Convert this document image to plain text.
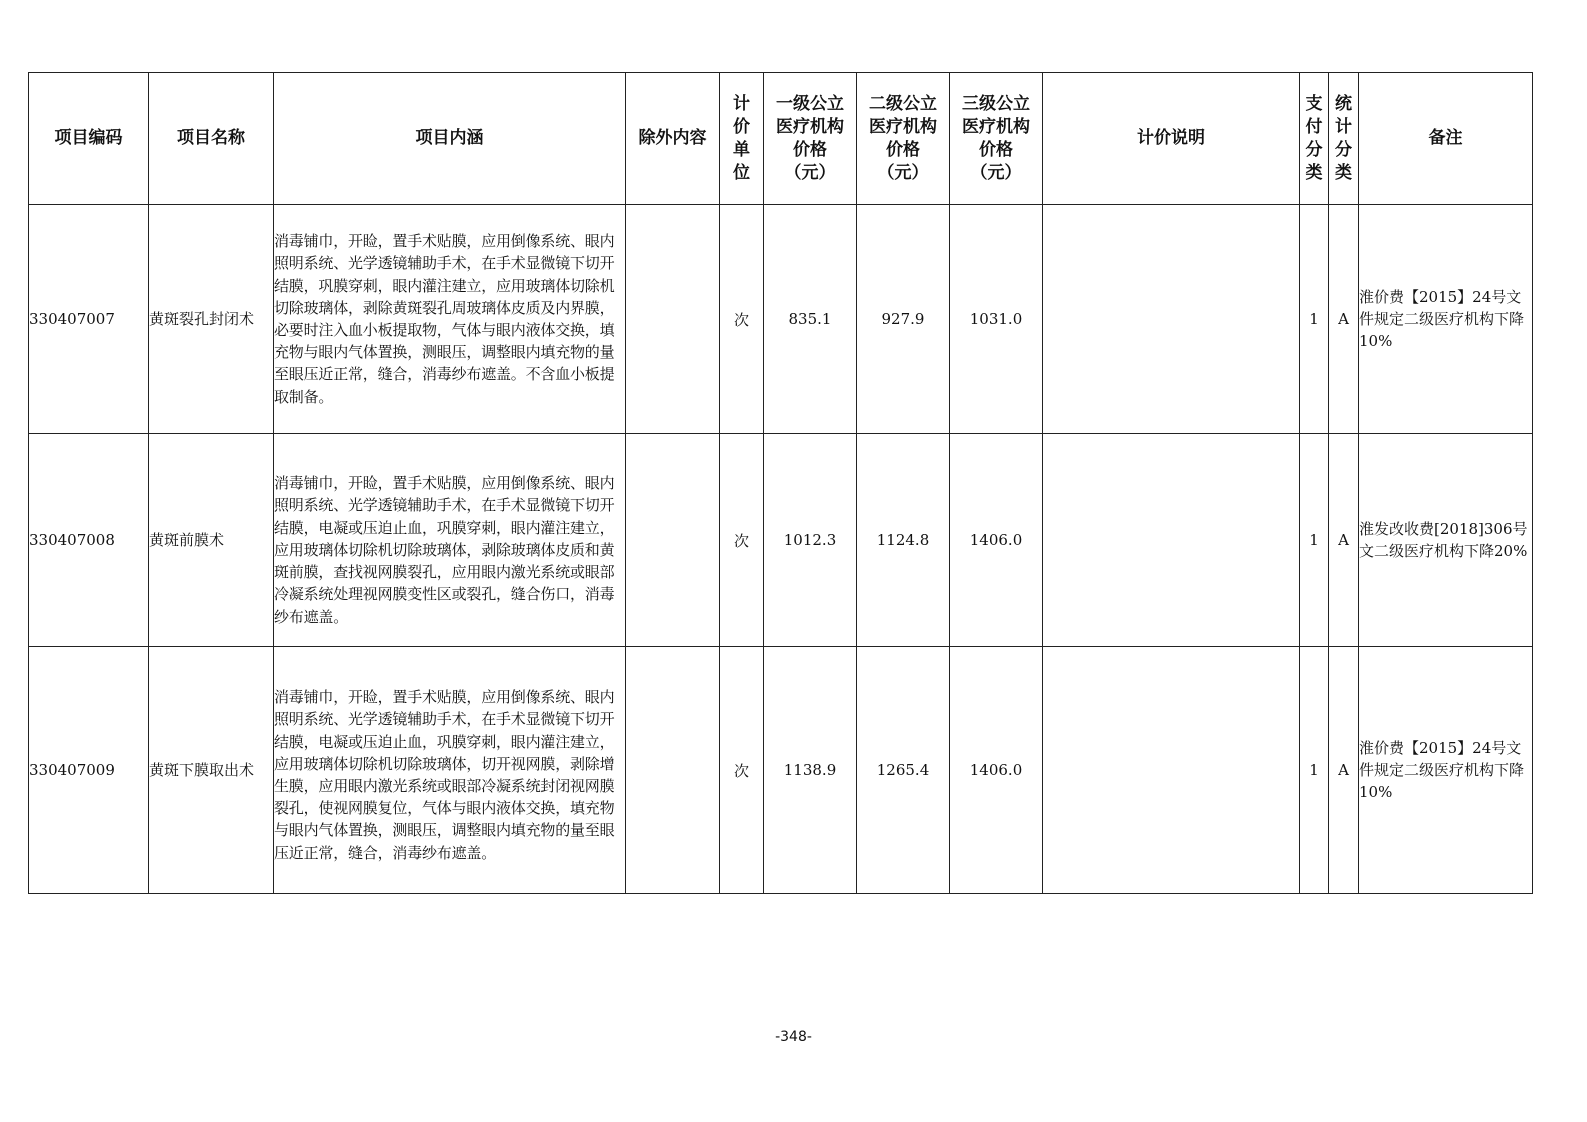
项目编码	项目名称	项目内涵	除外内容	计价单位	一级公立医疗机构价格（元）	二级公立医疗机构价格（元）	三级公立医疗机构价格（元）	计价说明	支付分类	统计分类	备注
330407007	黄斑裂孔封闭术	消毒铺巾，开睑，置手术贴膜，应用倒像系统、眼内照明系统、光学透镜辅助手术，在手术显微镜下切开结膜，巩膜穿刺，眼内灌注建立，应用玻璃体切除机切除玻璃体，剥除黄斑裂孔周玻璃体皮质及内界膜，必要时注入血小板提取物，气体与眼内液体交换，填充物与眼内气体置换，测眼压，调整眼内填充物的量至眼压近正常，缝合，消毒纱布遮盖。不含血小板提取制备。		次	835.1	927.9	1031.0		1	A	淮价费【2015】24号文件规定二级医疗机构下降10%
330407008	黄斑前膜术	消毒铺巾，开睑，置手术贴膜，应用倒像系统、眼内照明系统、光学透镜辅助手术，在手术显微镜下切开结膜，电凝或压迫止血，巩膜穿刺，眼内灌注建立，应用玻璃体切除机切除玻璃体，剥除玻璃体皮质和黄斑前膜，查找视网膜裂孔，应用眼内激光系统或眼部冷凝系统处理视网膜变性区或裂孔，缝合伤口，消毒纱布遮盖。		次	1012.3	1124.8	1406.0		1	A	淮发改收费[2018]306号文二级医疗机构下降20%
330407009	黄斑下膜取出术	消毒铺巾，开睑，置手术贴膜，应用倒像系统、眼内照明系统、光学透镜辅助手术，在手术显微镜下切开结膜，电凝或压迫止血，巩膜穿刺，眼内灌注建立，应用玻璃体切除机切除玻璃体，切开视网膜，剥除增生膜，应用眼内激光系统或眼部冷凝系统封闭视网膜裂孔，使视网膜复位，气体与眼内液体交换，填充物与眼内气体置换，测眼压，调整眼内填充物的量至眼压近正常，缝合，消毒纱布遮盖。		次	1138.9	1265.4	1406.0		1	A	淮价费【2015】24号文件规定二级医疗机构下降10%
-348-
